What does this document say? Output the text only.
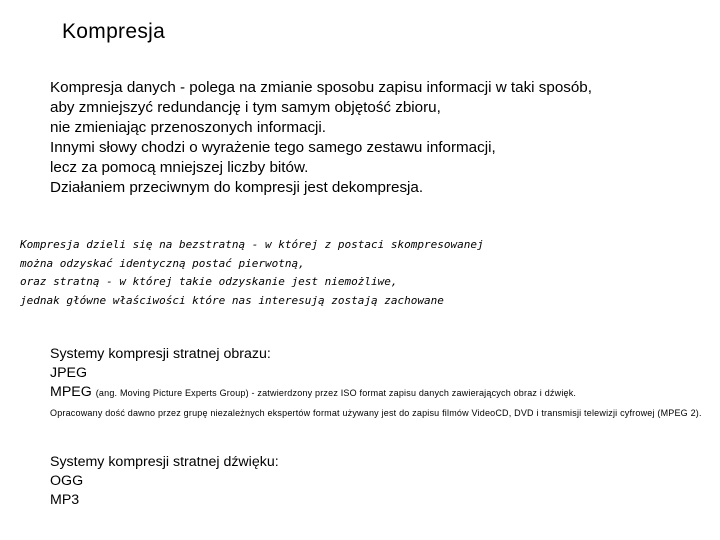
Kompresja
Kompresja danych - polega na zmianie sposobu zapisu informacji w taki sposób,
aby zmniejszyć redundancję i tym samym objętość zbioru,
nie zmieniając przenoszonych informacji.
Innymi słowy chodzi o wyrażenie tego samego zestawu informacji,
lecz za pomocą mniejszej liczby bitów.
Działaniem przeciwnym do kompresji jest dekompresja.
Kompresja dzieli się na bezstratną - w której z postaci skompresowanej
można odzyskać identyczną postać pierwotną,
oraz stratną - w której takie odzyskanie jest niemożliwe,
jednak główne właściwości które nas interesują zostają zachowane
Systemy kompresji stratnej obrazu:
JPEG
MPEG (ang. Moving Picture Experts Group) - zatwierdzony przez ISO format zapisu danych zawierających obraz i dźwięk.
Opracowany dość dawno przez grupę niezależnych ekspertów format używany jest do zapisu filmów VideoCD, DVD i transmisji telewizji cyfrowej (MPEG 2).
Systemy kompresji stratnej dźwięku:
OGG
MP3
